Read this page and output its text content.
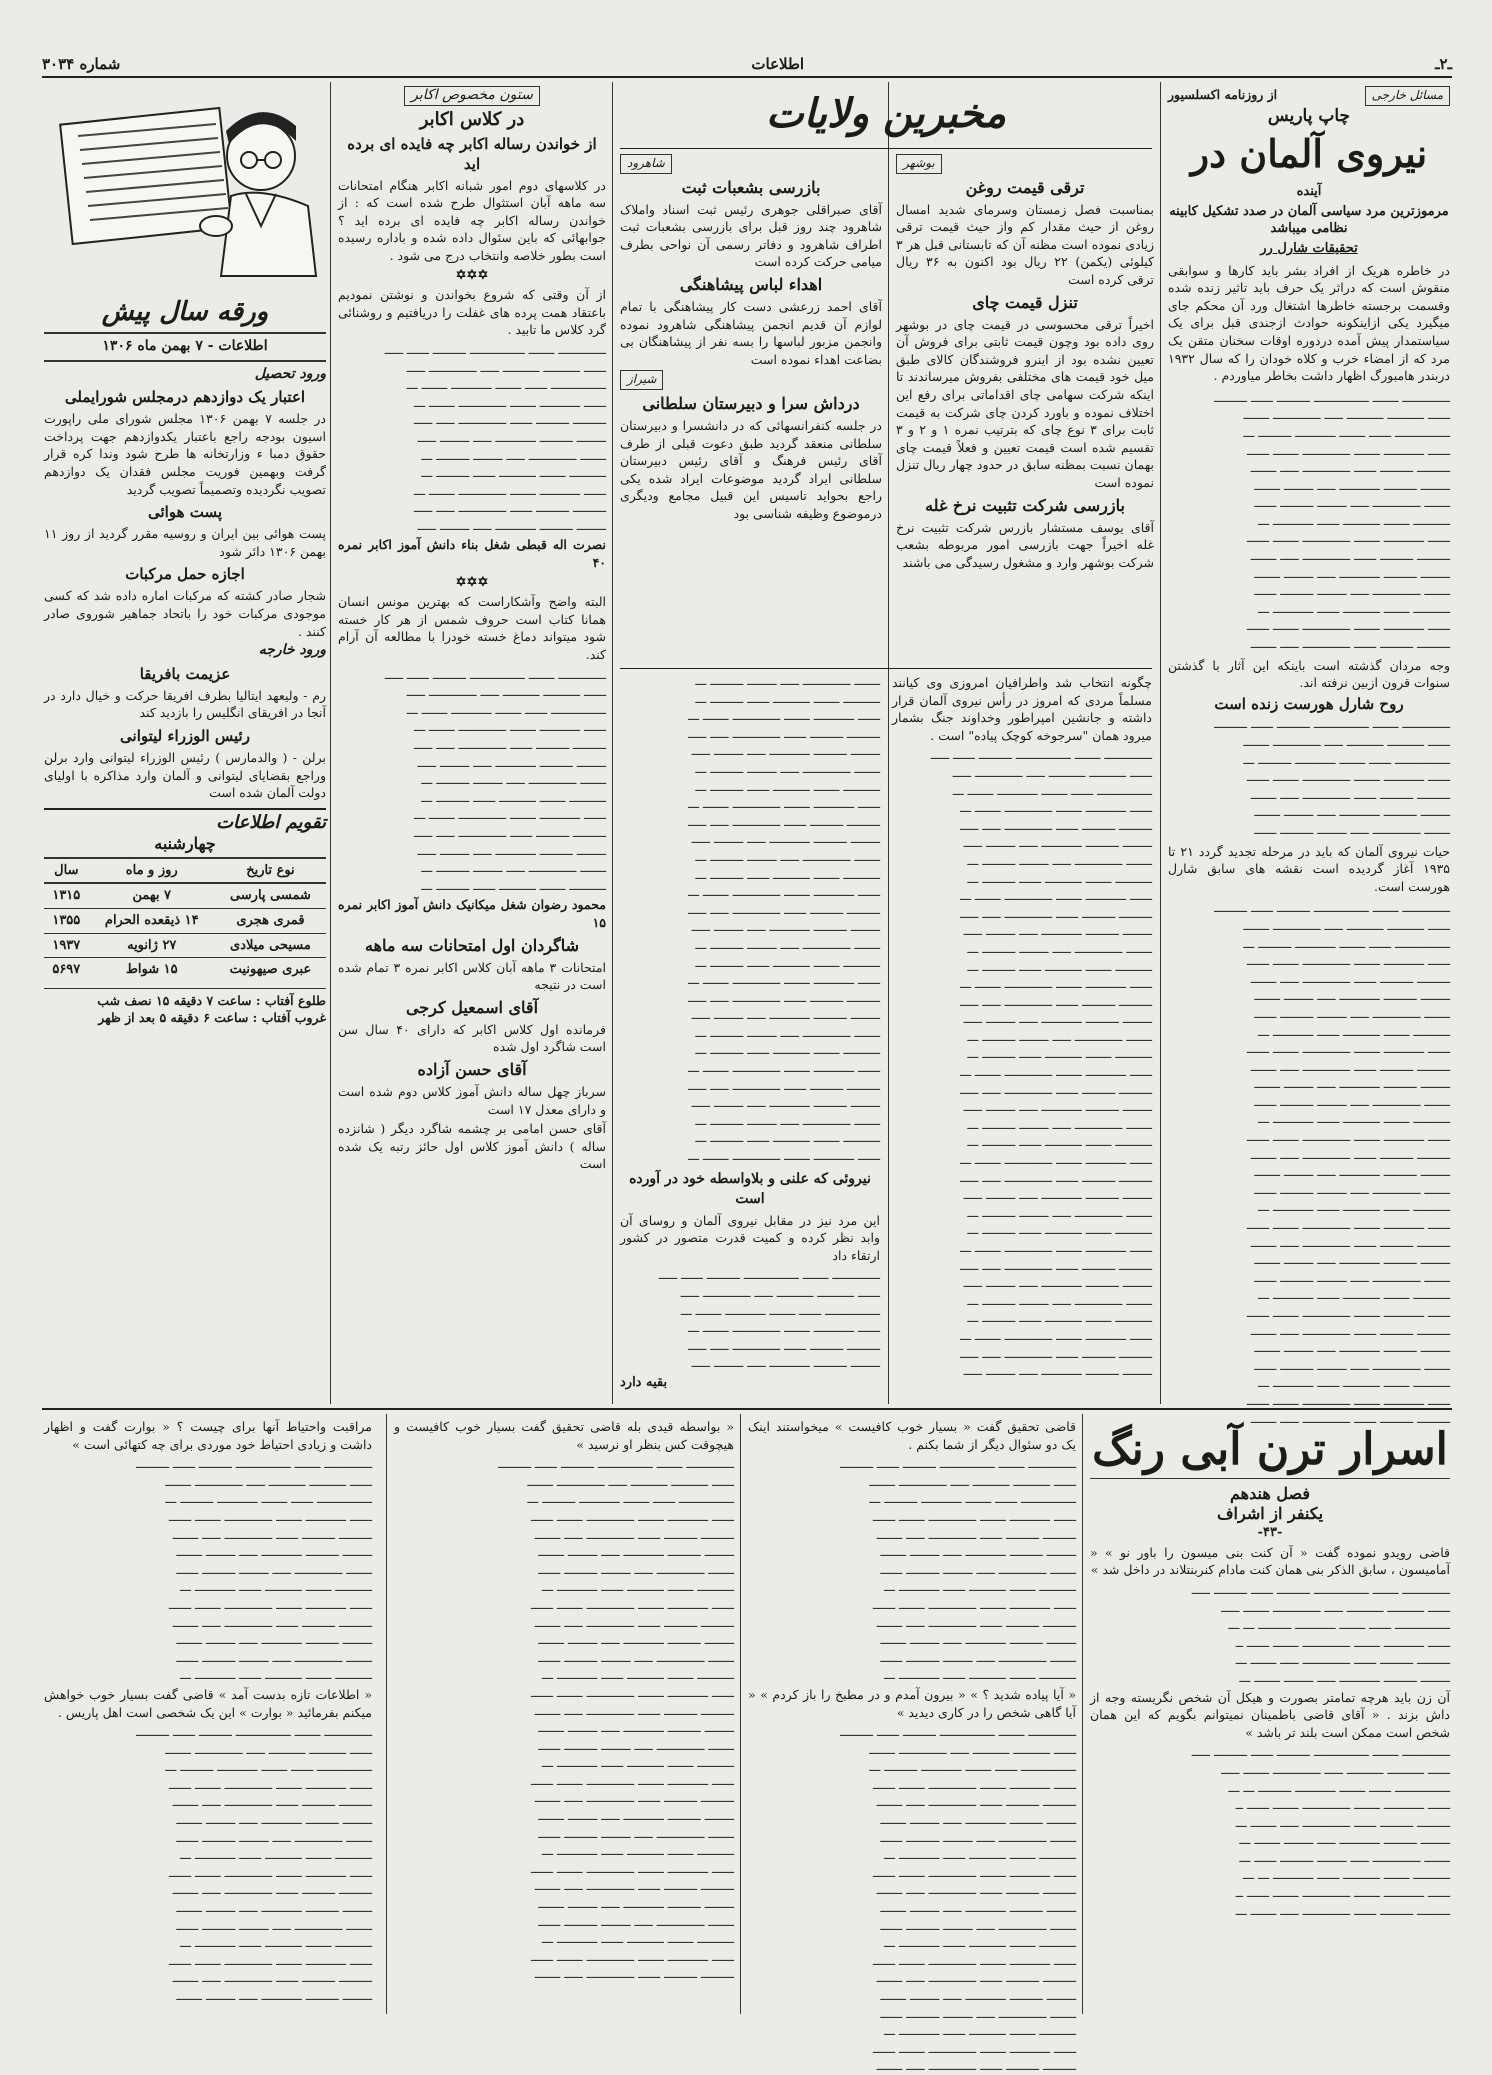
شماره ۳۰۳۴	اطلاعات	ـ۲ـ
مسائل خارجی
از روزنامه اکسلسیور
چاپ پاریس
نیروی آلمان در
آینده
مرموزترین مرد سیاسی آلمان در صدد تشکیل کابینه نظامی میباشد
تحقیقات شارل رر

در خاطره هریک از افراد بشر باید کارها و سوابقی منقوش است که دراثر یک حرف باید تاثیر زنده شده وقسمت برجسته خاطرها اشتغال ورد آن محکم جای میگیرد یکی ازاینکونه حوادث ازجندی قبل برای یک سیاستمدار پیش آمده دردوره اوقات سخنان متقن یک مرد که از امضاء خرب و کلاه خودان را که سال ۱۹۳۲ دربندر هامبورگ اظهار داشت بخاطر میاوردم .

ـــــــــــــ ـــــــ ـــــــــــــــ ـــــــــ ــــــ ـــــــــ
ــــــ ــــــــــ ــــــــــ ـــــ ـــــــــــــ ـــــــ
ـــــــــــــــ ــــــ ـــــــ ـــــــــــ ـــــــــ ـــ
ــــــ ـــــــــــ ـــــــ ـــــــــــــ ـــــــ ــــــ
ـــــــــ ـــــــــ ــــــ ـــــــــــــ ـــــ ـــــــ
ــــــــ ـــــــــ ـــــــــــ ـــــ ــــــــ ـــــــ
ـــــــ ـــــــــــــ ـــــ ــــــــ ـــــــــ ــــــ
ــــــــــ ـــــــ ــــــــــ ــــــ ـــــــــــ ـــ
ــــــ ـــــــــــ ـــــــ ـــــــــــــ ـــــــ ــــــ
ـــــــــ ـــــــــ ــــــ ـــــــــــــ ـــــ ـــــــ
ــــــــ ـــــــــ ـــــــــــ ـــــ ــــــــ ـــــــ
ـــــــ ـــــــــــــ ـــــ ــــــــ ـــــــــ ــــــ
ــــــــــ ـــــــ ــــــــــ ــــــ ـــــــــــ ـــ
ــــــ ـــــــــــ ـــــــ ـــــــــــــ ـــــــ ــــــ
ـــــــــ ـــــــــ ــــــ ـــــــــــــ ـــــ ـــــــ

وجه مردان گذشته است باینکه این آثار با گذشتن سنوات قرون ازبین نرفته اند.

روح شارل هورست زنده است
ـــــــــــــ ـــــــ ـــــــــــــــ ـــــــــ ــــــ ـــــــــ
ــــــ ــــــــــ ــــــــــ ـــــ ـــــــــــــ ـــــــ
ـــــــــــــــ ــــــ ـــــــ ـــــــــــ ـــــــــ ـــ
ــــــ ـــــــــــ ـــــــ ـــــــــــــ ـــــــ ــــــ
ـــــــــ ـــــــــ ــــــ ـــــــــــــ ـــــ ـــــــ
ــــــــ ـــــــــ ـــــــــــ ـــــ ــــــــ ـــــــ
ـــــــ ـــــــــــــ ـــــ ــــــــ ـــــــــ ــــــ

حیات نیروی آلمان که باید در مرحله تجدید گردد ۲۱ تا ۱۹۳۵ آغاز گردیده است نقشه های سابق شارل هورست است.

ـــــــــــــ ـــــــ ـــــــــــــــ ـــــــــ ــــــ ـــــــــ
ــــــ ــــــــــ ــــــــــ ـــــ ـــــــــــــ ـــــــ
ـــــــــــــــ ــــــ ـــــــ ـــــــــــ ـــــــــ ـــ
ــــــ ـــــــــــ ـــــــ ـــــــــــــ ـــــــ ــــــ
ـــــــــ ـــــــــ ــــــ ـــــــــــــ ـــــ ـــــــ
ــــــــ ـــــــــ ـــــــــــ ـــــ ــــــــ ـــــــ
ـــــــ ـــــــــــــ ـــــ ــــــــ ـــــــــ ــــــ
ــــــــــ ـــــــ ــــــــــ ــــــ ـــــــــــ ـــ
ــــــ ـــــــــــ ـــــــ ـــــــــــــ ـــــــ ــــــ
ـــــــــ ـــــــــ ــــــ ـــــــــــــ ـــــ ـــــــ
ــــــــ ـــــــــ ـــــــــــ ـــــ ــــــــ ـــــــ
ـــــــ ـــــــــــــ ـــــ ــــــــ ـــــــــ ــــــ
ــــــــــ ـــــــ ــــــــــ ــــــ ـــــــــــ ـــ
ــــــ ـــــــــــ ـــــــ ـــــــــــــ ـــــــ ــــــ
ـــــــــ ـــــــــ ــــــ ـــــــــــــ ـــــ ـــــــ
ــــــــ ـــــــــ ـــــــــــ ـــــ ــــــــ ـــــــ
ـــــــ ـــــــــــــ ـــــ ــــــــ ـــــــــ ــــــ
ــــــــــ ـــــــ ــــــــــ ــــــ ـــــــــــ ـــ
ــــــ ـــــــــــ ـــــــ ـــــــــــــ ـــــــ ــــــ
ـــــــــ ـــــــــ ــــــ ـــــــــــــ ـــــ ـــــــ
ــــــــ ـــــــــ ـــــــــــ ـــــ ــــــــ ـــــــ
ـــــــ ـــــــــــــ ـــــ ــــــــ ـــــــــ ــــــ
ــــــــــ ـــــــ ــــــــــ ــــــ ـــــــــــ ـــ
ــــــ ـــــــــــ ـــــــ ـــــــــــــ ـــــــ ــــــ
ـــــــــ ـــــــــ ــــــ ـــــــــــــ ـــــ ـــــــ
ــــــــ ـــــــــ ـــــــــــ ـــــ ــــــــ ـــــــ
ـــــــ ـــــــــــــ ـــــ ــــــــ ـــــــــ ــــــ
ــــــــــ ـــــــ ــــــــــ ــــــ ـــــــــــ ـــ
ــــــ ـــــــــــ ـــــــ ـــــــــــــ ـــــــ ــــــ
ـــــــــ ـــــــــ ــــــ ـــــــــــــ ـــــ ـــــــ
مخبرین ولایات
بوشهر
ترقی قیمت روغن

بمناسبت فصل زمستان وسرمای شدید امسال روغن از حیث مقدار کم واز حیث قیمت ترقی زیادی نموده است مظنه آن که تابستانی قبل هر ۳ کیلوئی (یکمن) ۲۲ ریال بود اکنون به ۳۶ ریال ترقی کرده است

تنزل قیمت چای

اخیراً ترقی محسوسی در قیمت چای در بوشهر روی داده بود وچون قیمت ثابتی برای فروش آن تعیین نشده بود از اینرو فروشندگان کالای طبق میل خود قیمت های مختلفی بفروش میرساندند تا اینکه شرکت سهامی چای اقداماتی برای رفع این اختلاف نموده و باورد کردن چای شرکت به قیمت ثابت برای ۳ نوع چای که بترتیب نمره ۱ و ۲ و ۳ تقسیم شده است قیمت تعیین و فعلاً قیمت چای بهمان نسبت بمظنه سابق در حدود چهار ریال تنزل نموده است

بازرسی شرکت تثبیت نرخ غله

آقای یوسف مستشار بازرس شرکت تثبیت نرخ غله اخیراً جهت بازرسی امور مربوطه بشعب شرکت بوشهر وارد و مشغول رسیدگی می باشند

شاهرود
بازرسی بشعبات ثبت

آقای صبراقلی جوهری رئیس ثبت اسناد واملاک شاهرود چند روز قبل برای بازرسی بشعبات ثبت اطراف شاهرود و دفاتر رسمی آن نواحی بطرف میامی حرکت کرده است

اهداء لباس پیشاهنگی

آقای احمد زرعشی دست کار پیشاهنگی با تمام لوازم آن قدیم انجمن پیشاهنگی شاهرود نموده وانجمن مزبور لباسها را بسه نفر از پیشاهنگان بی بضاعت اهداء نموده است

شیراز
درداش سرا و دبیرستان سلطانی

در جلسه کنفرانسهائی که در دانشسرا و دبیرستان سلطانی منعقد گردید طبق دعوت قبلی از طرف آقای رئیس فرهنگ و آقای رئیس دبیرستان سلطانی ایراد گردید موضوعات ایراد شده یکی راجع بحواید تاسیس این قبیل مجامع ودیگری درموضوع وظیفه شناسی بود

چگونه انتخاب شد واطرافیان امروزی وی کیانند مسلماً مردی که امروز در رأس نیروی آلمان قرار داشته و جانشین امپراطور وخداوند جنگ بشمار میرود همان "سرجوخه کوچک پیاده" است .

ـــــــــــــ ـــــــ ـــــــــــــــ ـــــــــ ــــــ ـــــ
ــــــ ــــــــــ ــــــــــ ـــــ ـــــــــــــ ـــــ
ـــــــــــــــ ــــــ ـــــــ ـــــــــــ ـــــــ ـــ
ــــــ ـــــــــــ ـــــــ ـــــــــــــ ـــــــ ـــ
ـــــــــ ـــــــــ ــــــ ـــــــــــــ ـــــ ـــــ
ــــــــ ـــــــــ ـــــــــــ ـــــ ــــــــ ـــــ
ـــــــ ـــــــــــــ ـــــ ــــــــ ـــــــــ ـــ
ــــــــــ ـــــــ ــــــــــ ــــــ ـــــــــ ـــ
ــــــ ـــــــــــ ـــــــ ـــــــــــــ ـــــــ ـــ
ـــــــــ ـــــــــ ــــــ ـــــــــــــ ـــــ ـــــ
ــــــــ ـــــــــ ـــــــــــ ـــــ ــــــــ ـــــ
ـــــــ ـــــــــــــ ـــــ ــــــــ ـــــــــ ـــ
ــــــــــ ـــــــ ــــــــــ ــــــ ـــــــــ ـــ
ــــــ ـــــــــــ ـــــــ ـــــــــــــ ـــــــ ـــ
ـــــــــ ـــــــــ ــــــ ـــــــــــــ ـــــ ـــــ
ــــــــ ـــــــــ ـــــــــــ ـــــ ــــــــ ـــــ
ـــــــ ـــــــــــــ ـــــ ــــــــ ـــــــــ ـــ
ــــــــــ ـــــــ ــــــــــ ــــــ ـــــــــ ـــ
ــــــ ـــــــــــ ـــــــ ـــــــــــــ ـــــــ ـــ
ـــــــــ ـــــــــ ــــــ ـــــــــــــ ـــــ ـــــ
ــــــــ ـــــــــ ـــــــــــ ـــــ ــــــــ ـــــ
ـــــــ ـــــــــــــ ـــــ ــــــــ ـــــــــ ـــ
ــــــــــ ـــــــ ــــــــــ ــــــ ـــــــــ ـــ
ــــــ ـــــــــــ ـــــــ ـــــــــــــ ـــــــ ـــ
ـــــــــ ـــــــــ ــــــ ـــــــــــــ ـــــ ـــــ
ــــــــ ـــــــــ ـــــــــــ ـــــ ــــــــ ـــــ
ـــــــ ـــــــــــــ ـــــ ــــــــ ـــــــــ ـــ
ــــــــــ ـــــــ ــــــــــ ــــــ ـــــــــ ـــ
ــــــ ـــــــــــ ـــــــ ـــــــــــــ ـــــــ ـــ
ـــــــــ ـــــــــ ــــــ ـــــــــــــ ـــــ ـــــ
ــــــــ ـــــــــ ـــــــــــ ـــــ ــــــــ ـــــ
ـــــــ ـــــــــــــ ـــــ ــــــــ ـــــــــ ـــ
ــــــــــ ـــــــ ــــــــــ ــــــ ـــــــــ ـــ
ــــــ ـــــــــــ ـــــــ ـــــــــــــ ـــــــ ـــ
ـــــــــ ـــــــــ ــــــ ـــــــــــــ ـــــ ـــــ
ــــــــ ـــــــــ ـــــــــــ ـــــ ــــــــ ـــــ
ـــــــ ـــــــــــــ ـــــ ــــــــ ـــــــــ ـــ
ــــــــــ ـــــــ ــــــــــ ــــــ ـــــــــ ـــ
ــــــ ـــــــــــ ـــــــ ـــــــــــــ ـــــــ ـــ
ـــــــــ ـــــــــ ــــــ ـــــــــــــ ـــــ ـــــ
ــــــــ ـــــــــ ـــــــــــ ـــــ ــــــــ ـــــ
ـــــــ ـــــــــــــ ـــــ ــــــــ ـــــــــ ـــ
ــــــــــ ـــــــ ــــــــــ ــــــ ـــــــــ ـــ
ــــــ ـــــــــــ ـــــــ ـــــــــــــ ـــــــ ـــ
ـــــــــ ـــــــــ ــــــ ـــــــــــــ ـــــ ـــــ
ــــــــ ـــــــــ ـــــــــــ ـــــ ــــــــ ـــــ
ـــــــ ـــــــــــــ ـــــ ــــــــ ـــــــــ ـــ
ــــــــــ ـــــــ ــــــــــ ــــــ ـــــــــ ـــ
ــــــ ـــــــــــ ـــــــ ـــــــــــــ ـــــــ ـــ
ـــــــــ ـــــــــ ــــــ ـــــــــــــ ـــــ ـــــ
ــــــــ ـــــــــ ـــــــــــ ـــــ ــــــــ ـــــ
ـــــــ ـــــــــــــ ـــــ ــــــــ ـــــــــ ـــ
ــــــــــ ـــــــ ــــــــــ ــــــ ـــــــــ ـــ
ــــــ ـــــــــــ ـــــــ ـــــــــــــ ـــــــ ـــ
ـــــــــ ـــــــــ ــــــ ـــــــــــــ ـــــ ـــــ
ــــــــ ـــــــــ ـــــــــــ ـــــ ــــــــ ـــــ
ـــــــ ـــــــــــــ ـــــ ــــــــ ـــــــــ ـــ
ــــــــــ ـــــــ ــــــــــ ــــــ ـــــــــ ـــ
ــــــ ـــــــــــ ـــــــ ـــــــــــــ ـــــــ ـــ
ـــــــــ ـــــــــ ــــــ ـــــــــــــ ـــــ ـــــ
ــــــــ ـــــــــ ـــــــــــ ـــــ ــــــــ ـــــ
ـــــــ ـــــــــــــ ـــــ ــــــــ ـــــــــ ـــ
ــــــــــ ـــــــ ــــــــــ ــــــ ـــــــــ ـــ
ــــــ ـــــــــــ ـــــــ ـــــــــــــ ـــــــ ـــ
نیروئی که علنی و بلاواسطه خود در آورده است

این مرد نیز در مقابل نیروی آلمان و روسای آن وابد نظر کرده و کمیت قدرت متصور در کشور ارتقاء داد

ـــــــــــــ ـــــــ ـــــــــــــــ ـــــــــ ــــــ ـــــ
ــــــ ــــــــــ ــــــــــ ـــــ ـــــــــــــ ـــــ
ـــــــــــــــ ــــــ ـــــــ ـــــــــــ ـــــــ ـــ
ــــــ ـــــــــــ ـــــــ ـــــــــــــ ـــــــ ـــ
ـــــــــ ـــــــــ ــــــ ـــــــــــــ ـــــ ـــــ
ــــــــ ـــــــــ ـــــــــــ ـــــ ــــــــ ـــــ
بقیه دارد
ستون مخصوص اکابر
در کلاس اکابر
از خواندن رساله اکابر چه فایده ای برده اید

در کلاسهای دوم امور شبانه اکابر هنگام امتحانات سه ماهه آبان استثوال طرح شده است که : از خواندن رساله اکابر چه فایده ای برده اید ؟ جوابهائی که باین سئوال داده شده و باداره رسیده است بطور خلاصه وانتخاب درج می شود .

✡✡✡

از آن وقتی که شروع بخواندن و نوشتن نمودیم باعتقاد همت پرده های غفلت را دریافتیم و روشنائی گرد کلاس ما تابید .

ـــــــــــــ ـــــــ ـــــــــــــــ ـــــــــ ــــــ ـــــ
ــــــ ــــــــــ ــــــــــ ـــــ ـــــــــــــ ـــــ
ـــــــــــــــ ــــــ ـــــــ ـــــــــــ ـــــــ ـــ
ــــــ ـــــــــــ ـــــــ ـــــــــــــ ـــــــ ـــ
ـــــــــ ـــــــــ ــــــ ـــــــــــــ ـــــ ـــــ
ــــــــ ـــــــــ ـــــــــــ ـــــ ــــــــ ـــــ
ـــــــ ـــــــــــــ ـــــ ــــــــ ـــــــــ ـــ
ــــــــــ ـــــــ ــــــــــ ــــــ ـــــــــ ـــ
ــــــ ـــــــــــ ـــــــ ـــــــــــــ ـــــــ ـــ
ـــــــــ ـــــــــ ــــــ ـــــــــــــ ـــــ ـــــ
ــــــــ ـــــــــ ـــــــــــ ـــــ ــــــــ ـــــ

نصرت اله قبطی شغل بناء دانش آموز اکابر نمره ۴۰

✡✡✡

البته واضح وآشکاراست که بهترین مونس انسان همانا کتاب است حروف شمس از هر کار خسته شود میتواند دماغ خسته خودرا با مطالعه آن آرام کند.

ـــــــــــــ ـــــــ ـــــــــــــــ ـــــــــ ــــــ ـــــ
ــــــ ــــــــــ ــــــــــ ـــــ ـــــــــــــ ـــــ
ـــــــــــــــ ــــــ ـــــــ ـــــــــــ ـــــــ ـــ
ــــــ ـــــــــــ ـــــــ ـــــــــــــ ـــــــ ـــ
ـــــــــ ـــــــــ ــــــ ـــــــــــــ ـــــ ـــــ
ــــــــ ـــــــــ ـــــــــــ ـــــ ــــــــ ـــــ
ـــــــ ـــــــــــــ ـــــ ــــــــ ـــــــــ ـــ
ــــــــــ ـــــــ ــــــــــ ــــــ ـــــــــ ـــ
ــــــ ـــــــــــ ـــــــ ـــــــــــــ ـــــــ ـــ
ـــــــــ ـــــــــ ــــــ ـــــــــــــ ـــــ ـــــ
ــــــــ ـــــــــ ـــــــــــ ـــــ ــــــــ ـــــ
ـــــــ ـــــــــــــ ـــــ ــــــــ ـــــــــ ـــ
ــــــــــ ـــــــ ــــــــــ ــــــ ـــــــــ ـــ

محمود رضوان شغل میکانیک دانش آموز اکابر نمره ۱۵

شاگردان اول امتحانات سه ماهه

امتحانات ۳ ماهه آبان کلاس اکابر نمره ۳ تمام شده است در نتیجه

آقای اسمعیل کرجی

فرمانده اول کلاس اکابر که دارای ۴۰ سال سن است شاگرد اول شده

آقای حسن آزاده

سرباز چهل ساله دانش آموز کلاس دوم شده است و دارای معدل ۱۷ است

آقای حسن امامی بر چشمه شاگرد دیگر ( شانزده ساله ) دانش آموز کلاس اول حائز رتبه یک شده است

ورقه سال پیش
اطلاعات - ۷ بهمن ماه ۱۳۰۶
ورود تحصیل
اعتبار یک دوازدهم درمجلس شورایملی

در جلسه ۷ بهمن ۱۳۰۶ مجلس شورای ملی راپورت اسیون بودجه راجع باعتبار یکدوازدهم جهت پرداخت حقوق دمبا ء وزارتخانه ها طرح شود وندا کره قرار گرفت وبهمین فوریت مجلس فقدان یک دوازدهم تصویب نگردیده وتصمیماً تصویب گردید

پست هوائی

پست هوائی بین ایران و روسیه مقرر گردید از روز ۱۱ بهمن ۱۳۰۶ دائر شود

اجازه حمل مرکبات

شجار صادر کشته که مرکبات اماره داده شد که کسی موجودی مرکبات خود را باتحاد جماهیر شوروی صادر کنند .

ورود خارجه
عزیمت بافریقا

رم - ولیعهد ایتالیا بطرف افریقا حرکت و خیال دارد در آنجا در افریقای انگلیس را بازدید کند

رئیس الوزراء لیتوانی

برلن - ( والدمارس ) رئیس الوزراء لیتوانی وارد برلن وراجع بقضایای لیتوانی و آلمان وارد مذاکره با اولیای دولت آلمان شده است

تقویم اطلاعات
چهارشنبه
نوع تاریخ	روز و ماه	سال
شمسی پارسی	۷ بهمن	۱۳۱۵
قمری هجری	۱۴ ذیقعده الحرام	۱۳۵۵
مسیحی میلادی	۲۷ ژانویه	۱۹۳۷
عبری صیهونیت	۱۵ شواط	۵۶۹۷
طلوع آفتاب : ساعت ۷ دقیقه ۱۵ نصف شب
غروب آفتاب : ساعت ۶ دقیقه ۵ بعد از ظهر
اسرار ترن آبی رنگ
فصل هندهم
یکنفر از اشراف
-۴۳-

قاضی رویدو نموده گفت « آن کنت بنی میسون را باور نو » « آمامیسون ، سابق الذکر بنی همان کنت مادام کنربنتلاند در داخل شد »

ـــــــــــــ ـــــــ ـــــــــــــــ ـــــــــ ــــــ ـــــــــ ـــــ
ــــــ ــــــــــ ــــــــــ ـــــ ـــــــــــــ ـــــــ ـــــ
ـــــــــــــــ ــــــ ـــــــ ـــــــــــ ـــــــــ ـــ ـــ
ــــــ ـــــــــــ ـــــــ ـــــــــــــ ـــــــ ــــــ ــ
ـــــــــ ـــــــــ ــــــ ـــــــــــــ ـــــ ـــــــ ـــ
ــــــــ ـــــــــ ـــــــــــ ـــــ ــــــــ ـــــــ ـــ

آن زن باید هرچه تمامتر بصورت و هیکل آن شخص نگریسته وجه از داش بزند . « آقای قاضی باطمینان نمیتوانم بگویم که این همان شخص است ممکن است بلند تر باشد »

ـــــــــــــ ـــــــ ـــــــــــــــ ـــــــــ ــــــ ـــــــــ ـــــ
ــــــ ــــــــــ ــــــــــ ـــــ ـــــــــــــ ـــــــ ـــــ
ـــــــــــــــ ــــــ ـــــــ ـــــــــــ ـــــــــ ـــ ـــ
ــــــ ـــــــــــ ـــــــ ـــــــــــــ ـــــــ ــــــ ــ
ـــــــــ ـــــــــ ــــــ ـــــــــــــ ـــــ ـــــــ ـــ
ــــــــ ـــــــــ ـــــــــــ ـــــ ــــــــ ـــــــ ـــ
ـــــــ ـــــــــــــ ـــــ ــــــــ ـــــــــ ــــــ ـــ
ــــــــــ ـــــــ ــــــــــ ــــــ ـــــــــــ ـــ ـــ
ــــــ ـــــــــــ ـــــــ ـــــــــــــ ـــــــ ــــــ ــ
ـــــــــ ـــــــــ ــــــ ـــــــــــــ ـــــ ـــــــ ـــ

قاضی تحقیق گفت « بسیار خوب کافیست » میخواستند اینک یک دو سئوال دیگر از شما بکنم .

ـــــــــــــ ـــــــ ـــــــــــــــ ـــــــــ ــــــ ـــــــــ
ــــــ ــــــــــ ــــــــــ ـــــ ـــــــــــــ ـــــــ
ـــــــــــــــ ــــــ ـــــــ ـــــــــــ ـــــــــ ـــ
ــــــ ـــــــــــ ـــــــ ـــــــــــــ ـــــــ ــــــ
ـــــــــ ـــــــــ ــــــ ـــــــــــــ ـــــ ـــــــ
ــــــــ ـــــــــ ـــــــــــ ـــــ ــــــــ ـــــــ
ـــــــ ـــــــــــــ ـــــ ــــــــ ـــــــــ ــــــ
ــــــــــ ـــــــ ــــــــــ ــــــ ـــــــــــ ـــ
ــــــ ـــــــــــ ـــــــ ـــــــــــــ ـــــــ ــــــ
ـــــــــ ـــــــــ ــــــ ـــــــــــــ ـــــ ـــــــ
ــــــــ ـــــــــ ـــــــــــ ـــــ ــــــــ ـــــــ
ـــــــ ـــــــــــــ ـــــ ــــــــ ـــــــــ ــــــ
ــــــــــ ـــــــ ــــــــــ ــــــ ـــــــــــ ـــ

« آیا پیاده شدید ؟ » « بیرون آمدم و در مطبخ را باز کردم » « آیا گاهی شخص را در کاری دیدید »

ـــــــــــــ ـــــــ ـــــــــــــــ ـــــــــ ــــــ ـــــــــ
ــــــ ــــــــــ ــــــــــ ـــــ ـــــــــــــ ـــــــ
ـــــــــــــــ ــــــ ـــــــ ـــــــــــ ـــــــــ ـــ
ــــــ ـــــــــــ ـــــــ ـــــــــــــ ـــــــ ــــــ
ـــــــــ ـــــــــ ــــــ ـــــــــــــ ـــــ ـــــــ
ــــــــ ـــــــــ ـــــــــــ ـــــ ــــــــ ـــــــ
ـــــــ ـــــــــــــ ـــــ ــــــــ ـــــــــ ــــــ
ــــــــــ ـــــــ ــــــــــ ــــــ ـــــــــــ ـــ
ــــــ ـــــــــــ ـــــــ ـــــــــــــ ـــــــ ــــــ
ـــــــــ ـــــــــ ــــــ ـــــــــــــ ـــــ ـــــــ
ــــــــ ـــــــــ ـــــــــــ ـــــ ــــــــ ـــــــ
ـــــــ ـــــــــــــ ـــــ ــــــــ ـــــــــ ــــــ
ــــــــــ ـــــــ ــــــــــ ــــــ ـــــــــــ ـــ
ــــــ ـــــــــــ ـــــــ ـــــــــــــ ـــــــ ــــــ
ـــــــــ ـــــــــ ــــــ ـــــــــــــ ـــــ ـــــــ
ــــــــ ـــــــــ ـــــــــــ ـــــ ــــــــ ـــــــ
ـــــــ ـــــــــــــ ـــــ ــــــــ ـــــــــ ــــــ
ــــــــــ ـــــــ ــــــــــ ــــــ ـــــــــــ ـــ
ــــــ ـــــــــــ ـــــــ ـــــــــــــ ـــــــ ــــــ
ـــــــــ ـــــــــ ــــــ ـــــــــــــ ـــــ ـــــــ

« بواسطه قیدی بله قاضی تحقیق گفت بسیار خوب کافیست و هیچوقت کس بنظر او نرسید »

ـــــــــــــ ـــــــ ـــــــــــــــ ـــــــــ ــــــ ـــــــــ
ــــــ ــــــــــ ــــــــــ ـــــ ـــــــــــــ ـــــــ
ـــــــــــــــ ــــــ ـــــــ ـــــــــــ ـــــــــ ـــ
ــــــ ـــــــــــ ـــــــ ـــــــــــــ ـــــــ ــــــ
ـــــــــ ـــــــــ ــــــ ـــــــــــــ ـــــ ـــــــ
ــــــــ ـــــــــ ـــــــــــ ـــــ ــــــــ ـــــــ
ـــــــ ـــــــــــــ ـــــ ــــــــ ـــــــــ ــــــ
ــــــــــ ـــــــ ــــــــــ ــــــ ـــــــــــ ـــ
ــــــ ـــــــــــ ـــــــ ـــــــــــــ ـــــــ ــــــ
ـــــــــ ـــــــــ ــــــ ـــــــــــــ ـــــ ـــــــ
ــــــــ ـــــــــ ـــــــــــ ـــــ ــــــــ ـــــــ
ـــــــ ـــــــــــــ ـــــ ــــــــ ـــــــــ ــــــ
ــــــــــ ـــــــ ــــــــــ ــــــ ـــــــــــ ـــ
ــــــ ـــــــــــ ـــــــ ـــــــــــــ ـــــــ ــــــ
ـــــــــ ـــــــــ ــــــ ـــــــــــــ ـــــ ـــــــ
ــــــــ ـــــــــ ـــــــــــ ـــــ ــــــــ ـــــــ
ـــــــ ـــــــــــــ ـــــ ــــــــ ـــــــــ ــــــ
ــــــــــ ـــــــ ــــــــــ ــــــ ـــــــــــ ـــ
ــــــ ـــــــــــ ـــــــ ـــــــــــــ ـــــــ ــــــ
ـــــــــ ـــــــــ ــــــ ـــــــــــــ ـــــ ـــــــ
ــــــــ ـــــــــ ـــــــــــ ـــــ ــــــــ ـــــــ
ـــــــ ـــــــــــــ ـــــ ــــــــ ـــــــــ ــــــ
ــــــــــ ـــــــ ــــــــــ ــــــ ـــــــــــ ـــ
ــــــ ـــــــــــ ـــــــ ـــــــــــــ ـــــــ ــــــ
ـــــــــ ـــــــــ ــــــ ـــــــــــــ ـــــ ـــــــ
ــــــــ ـــــــــ ـــــــــــ ـــــ ــــــــ ـــــــ
ـــــــ ـــــــــــــ ـــــ ــــــــ ـــــــــ ــــــ
ــــــــــ ـــــــ ــــــــــ ــــــ ـــــــــــ ـــ
ــــــ ـــــــــــ ـــــــ ـــــــــــــ ـــــــ ــــــ
ـــــــــ ـــــــــ ــــــ ـــــــــــــ ـــــ ـــــــ

مراقبت واحتیاط آنها برای چیست ؟ « بوارت گفت و اظهار داشت و زیادی احتیاط خود موردی برای چه کتهائی است »

ـــــــــــــ ـــــــ ـــــــــــــــ ـــــــــ ــــــ ـــــــــ
ــــــ ــــــــــ ــــــــــ ـــــ ـــــــــــــ ـــــــ
ـــــــــــــــ ــــــ ـــــــ ـــــــــــ ـــــــــ ـــ
ــــــ ـــــــــــ ـــــــ ـــــــــــــ ـــــــ ــــــ
ـــــــــ ـــــــــ ــــــ ـــــــــــــ ـــــ ـــــــ
ــــــــ ـــــــــ ـــــــــــ ـــــ ــــــــ ـــــــ
ـــــــ ـــــــــــــ ـــــ ــــــــ ـــــــــ ــــــ
ــــــــــ ـــــــ ــــــــــ ــــــ ـــــــــــ ـــ
ــــــ ـــــــــــ ـــــــ ـــــــــــــ ـــــــ ــــــ
ـــــــــ ـــــــــ ــــــ ـــــــــــــ ـــــ ـــــــ
ــــــــ ـــــــــ ـــــــــــ ـــــ ــــــــ ـــــــ
ـــــــ ـــــــــــــ ـــــ ــــــــ ـــــــــ ــــــ
ــــــــــ ـــــــ ــــــــــ ــــــ ـــــــــــ ـــ

« اطلاعات تازه بدست آمد » قاضی گفت بسیار خوب خواهش میکنم بفرمائید « بوارت » این یک شخصی است اهل پاریس .

ـــــــــــــ ـــــــ ـــــــــــــــ ـــــــــ ــــــ ـــــــــ
ــــــ ــــــــــ ــــــــــ ـــــ ـــــــــــــ ـــــــ
ـــــــــــــــ ــــــ ـــــــ ـــــــــــ ـــــــــ ـــ
ــــــ ـــــــــــ ـــــــ ـــــــــــــ ـــــــ ــــــ
ـــــــــ ـــــــــ ــــــ ـــــــــــــ ـــــ ـــــــ
ــــــــ ـــــــــ ـــــــــــ ـــــ ــــــــ ـــــــ
ـــــــ ـــــــــــــ ـــــ ــــــــ ـــــــــ ــــــ
ــــــــــ ـــــــ ــــــــــ ــــــ ـــــــــــ ـــ
ــــــ ـــــــــــ ـــــــ ـــــــــــــ ـــــــ ــــــ
ـــــــــ ـــــــــ ــــــ ـــــــــــــ ـــــ ـــــــ
ــــــــ ـــــــــ ـــــــــــ ـــــ ــــــــ ـــــــ
ـــــــ ـــــــــــــ ـــــ ــــــــ ـــــــــ ــــــ
ــــــــــ ـــــــ ــــــــــ ــــــ ـــــــــــ ـــ
ــــــ ـــــــــــ ـــــــ ـــــــــــــ ـــــــ ــــــ
ـــــــــ ـــــــــ ــــــ ـــــــــــــ ـــــ ـــــــ
ــــــــ ـــــــــ ـــــــــــ ـــــ ــــــــ ـــــــ
